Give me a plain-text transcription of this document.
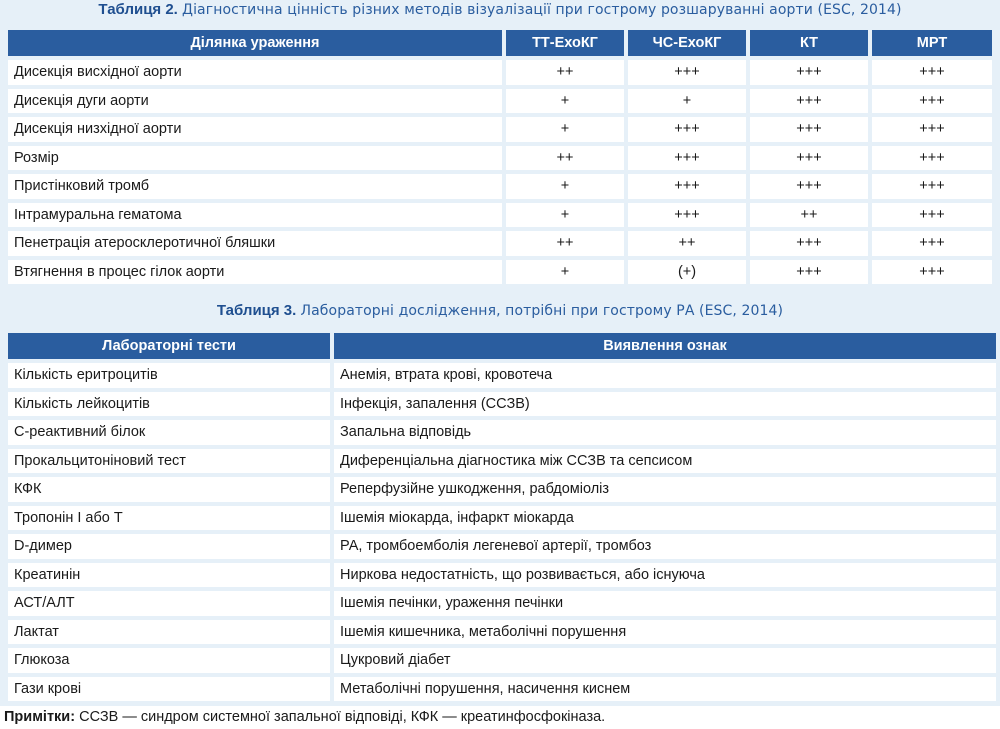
Таблиця 2. Діагностична цінність різних методів візуалізації при гострому розшаруванні аорти (ESC, 2014)
Ділянка ураження	ТТ-ЕхоКГ	ЧС-ЕхоКГ	КТ	МРТ
Дисекція висхідної аорти	++	+++	+++	+++
Дисекція дуги аорти	+	+	+++	+++
Дисекція низхідної аорти	+	+++	+++	+++
Розмір	++	+++	+++	+++
Пристінковий тромб	+	+++	+++	+++
Інтрамуральна гематома	+	+++	++	+++
Пенетрація атеросклеротичної бляшки	++	++	+++	+++
Втягнення в процес гілок аорти	+	(+)	+++	+++
Таблиця 3. Лабораторні дослідження, потрібні при гострому РА (ESC, 2014)
Лабораторні тести	Виявлення ознак
Кількість еритроцитів	Анемія, втрата крові, кровотеча
Кількість лейкоцитів	Інфекція, запалення (ССЗВ)
С-реактивний білок	Запальна відповідь
Прокальцитоніновий тест	Диференціальна діагностика між ССЗВ та сепсисом
КФК	Реперфузійне ушкодження, рабдоміоліз
Тропонін I або T	Ішемія міокарда, інфаркт міокарда
D-димер	РА, тромбоемболія легеневої артерії, тромбоз
Креатинін	Ниркова недостатність, що розвивається, або існуюча
АСТ/АЛТ	Ішемія печінки, ураження печінки
Лактат	Ішемія кишечника, метаболічні порушення
Глюкоза	Цукровий діабет
Гази крові	Метаболічні порушення, насичення киснем
Примітки: ССЗВ — синдром системної запальної відповіді, КФК — креатинфосфокіназа.
